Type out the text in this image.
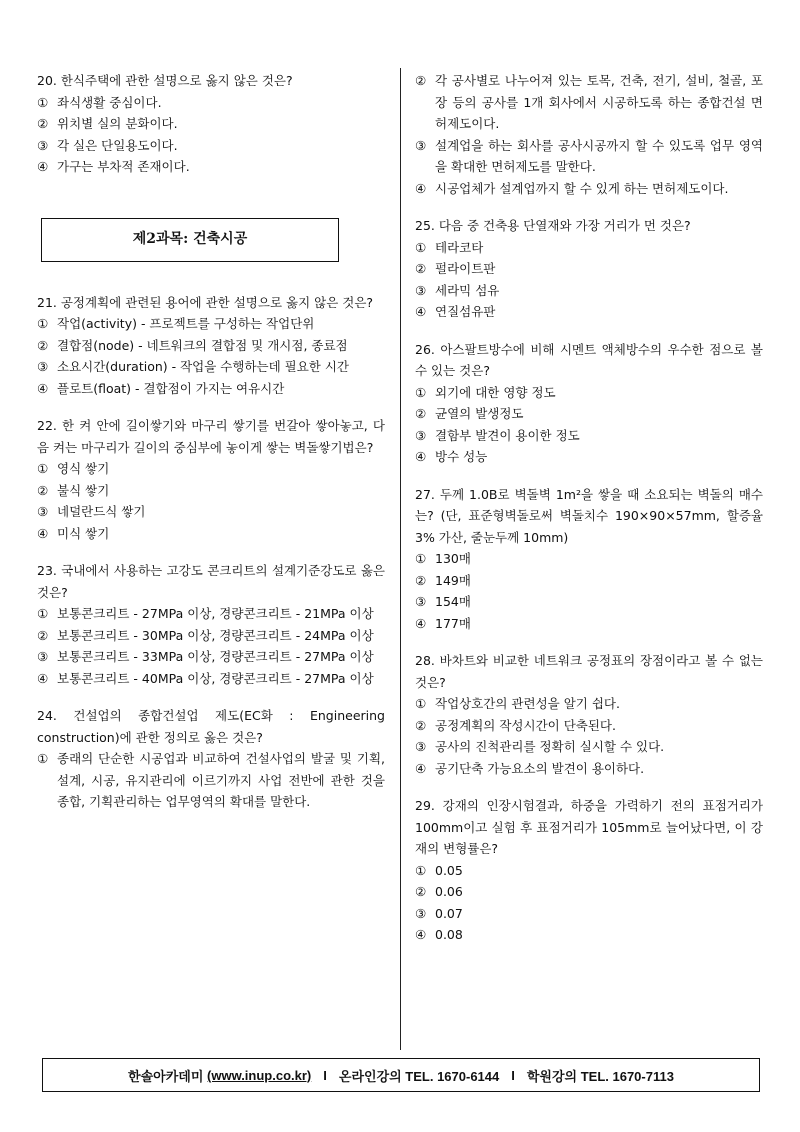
20. 한식주택에 관한 설명으로 옳지 않은 것은?
① 좌식생활 중심이다.
② 위치별 실의 분화이다.
③ 각 실은 단일용도이다.
④ 가구는 부차적 존재이다.
제2과목: 건축시공
21. 공정계획에 관련된 용어에 관한 설명으로 옳지 않은 것은?
① 작업(activity) - 프로젝트를 구성하는 작업단위
② 결합점(node) - 네트워크의 결합점 및 개시점, 종료점
③ 소요시간(duration) - 작업을 수행하는데 필요한 시간
④ 플로트(float) - 결합점이 가지는 여유시간
22. 한 켜 안에 길이쌓기와 마구리 쌓기를 번갈아 쌓아놓고, 다음 켜는 마구리가 길이의 중심부에 놓이게 쌓는 벽돌쌓기법은?
① 영식 쌓기
② 불식 쌓기
③ 네덜란드식 쌓기
④ 미식 쌓기
23. 국내에서 사용하는 고강도 콘크리트의 설계기준강도로 옳은 것은?
① 보통콘크리트 - 27MPa 이상, 경량콘크리트 - 21MPa 이상
② 보통콘크리트 - 30MPa 이상, 경량콘크리트 - 24MPa 이상
③ 보통콘크리트 - 33MPa 이상, 경량콘크리트 - 27MPa 이상
④ 보통콘크리트 - 40MPa 이상, 경량콘크리트 - 27MPa 이상
24. 건설업의 종합건설업 제도(EC화 : Engineering construction)에 관한 정의로 옳은 것은?
① 종래의 단순한 시공업과 비교하여 건설사업의 발굴 및 기획, 설계, 시공, 유지관리에 이르기까지 사업 전반에 관한 것을 종합, 기획관리하는 업무영역의 확대를 말한다.
② 각 공사별로 나누어져 있는 토목, 건축, 전기, 설비, 철골, 포장 등의 공사를 1개 회사에서 시공하도록 하는 종합건설 면허제도이다.
③ 설계업을 하는 회사를 공사시공까지 할 수 있도록 업무 영역을 확대한 면허제도를 말한다.
④ 시공업체가 설계업까지 할 수 있게 하는 면허제도이다.
25. 다음 중 건축용 단열재와 가장 거리가 먼 것은?
① 테라코타
② 펄라이트판
③ 세라믹 섬유
④ 연질섬유판
26. 아스팔트방수에 비해 시멘트 액체방수의 우수한 점으로 볼 수 있는 것은?
① 외기에 대한 영향 정도
② 균열의 발생정도
③ 결함부 발견이 용이한 정도
④ 방수 성능
27. 두께 1.0B로 벽돌벽 1m²을 쌓을 때 소요되는 벽돌의 매수는? (단, 표준형벽돌로써 벽돌치수 190×90×57mm, 할증율 3% 가산, 줄눈두께 10mm)
① 130매
② 149매
③ 154매
④ 177매
28. 바차트와 비교한 네트워크 공정표의 장점이라고 볼 수 없는 것은?
① 작업상호간의 관련성을 알기 쉽다.
② 공정계획의 작성시간이 단축된다.
③ 공사의 진척관리를 정확히 실시할 수 있다.
④ 공기단축 가능요소의 발견이 용이하다.
29. 강재의 인장시험결과, 하중을 가력하기 전의 표점거리가 100mm이고 실험 후 표점거리가 105mm로 늘어났다면, 이 강재의 변형률은?
① 0.05
② 0.06
③ 0.07
④ 0.08
한솔아카데미
(www.inup.co.kr) I 온라인강의 TEL. 1670-6144 I 학원강의 TEL. 1670-7113
